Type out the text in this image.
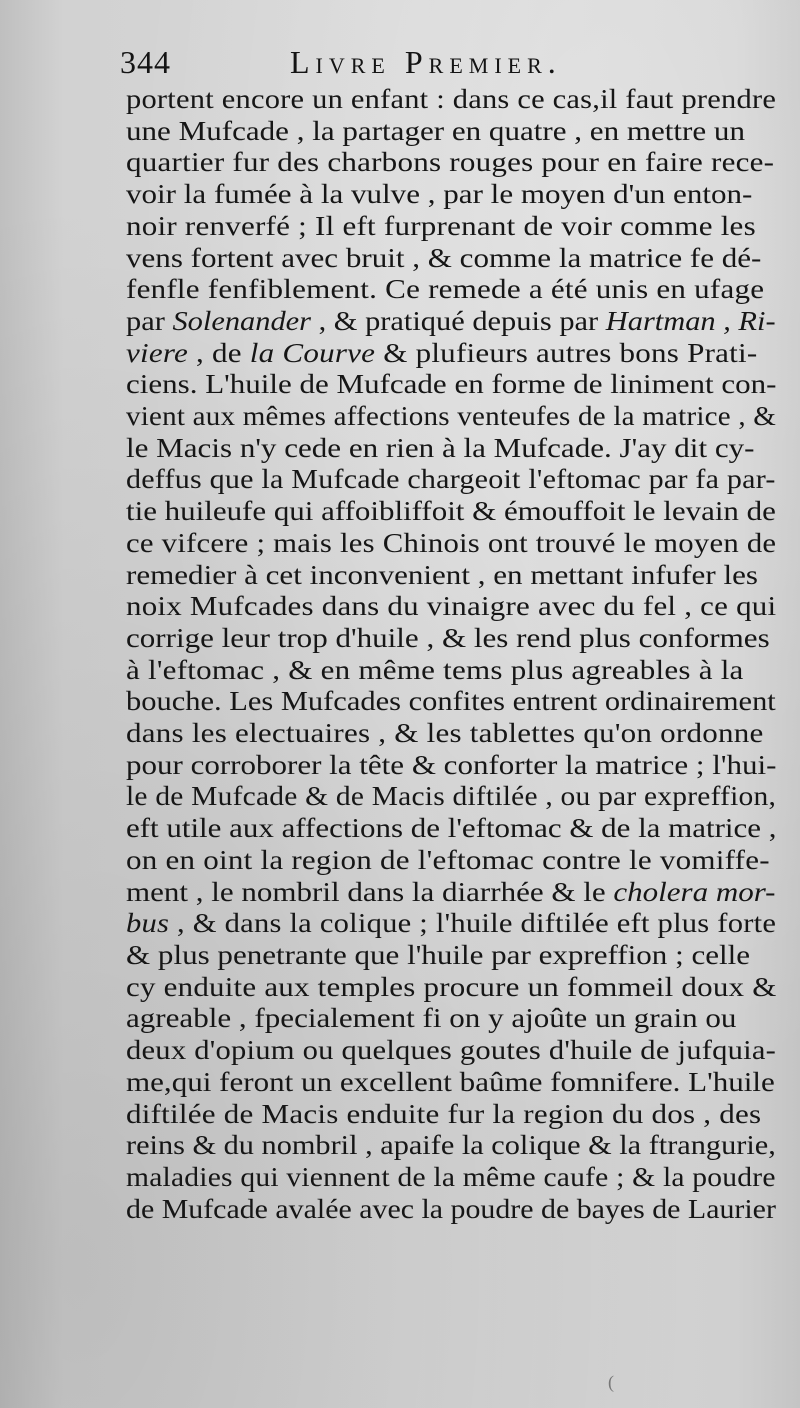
344	Livre Premier.
portent encore un enfant : dans ce cas,il faut prendre
une Mufcade , la partager en quatre , en mettre un
quartier fur des charbons rouges pour en faire rece-
voir la fumée à la vulve , par le moyen d'un enton-
noir renverfé ; Il eft furprenant de voir comme les
vens fortent avec bruit , & comme la matrice fe dé-
fenfle fenfiblement. Ce remede a été unis en ufage
par Solenander , & pratiqué depuis par Hartman , Ri-
viere , de la Courve & plufieurs autres bons Prati-
ciens. L'huile de Mufcade en forme de liniment con-
vient aux mêmes affections venteufes de la matrice , &
le Macis n'y cede en rien à la Mufcade. J'ay dit cy-
deffus que la Mufcade chargeoit l'eftomac par fa par-
tie huileufe qui affoibliffoit & émouffoit le levain de
ce vifcere ; mais les Chinois ont trouvé le moyen de
remedier à cet inconvenient , en mettant infufer les
noix Mufcades dans du vinaigre avec du fel , ce qui
corrige leur trop d'huile , & les rend plus conformes
à l'eftomac , & en même tems plus agreables à la
bouche. Les Mufcades confites entrent ordinairement
dans les electuaires , & les tablettes qu'on ordonne
pour corroborer la tête & conforter la matrice ; l'hui-
le de Mufcade & de Macis diftilée , ou par expreffion,
eft utile aux affections de l'eftomac & de la matrice ,
on en oint la region de l'eftomac contre le vomiffe-
ment , le nombril dans la diarrhée & le cholera mor-
bus , & dans la colique ; l'huile diftilée eft plus forte
& plus penetrante que l'huile par expreffion ; celle
cy enduite aux temples procure un fommeil doux &
agreable , fpecialement fi on y ajoûte un grain ou
deux d'opium ou quelques goutes d'huile de jufquia-
me,qui feront un excellent baûme fomnifere. L'huile
diftilée de Macis enduite fur la region du dos , des
reins & du nombril , apaife la colique & la ftrangurie,
maladies qui viennent de la même caufe ; & la poudre
de Mufcade avalée avec la poudre de bayes de Laurier
(
